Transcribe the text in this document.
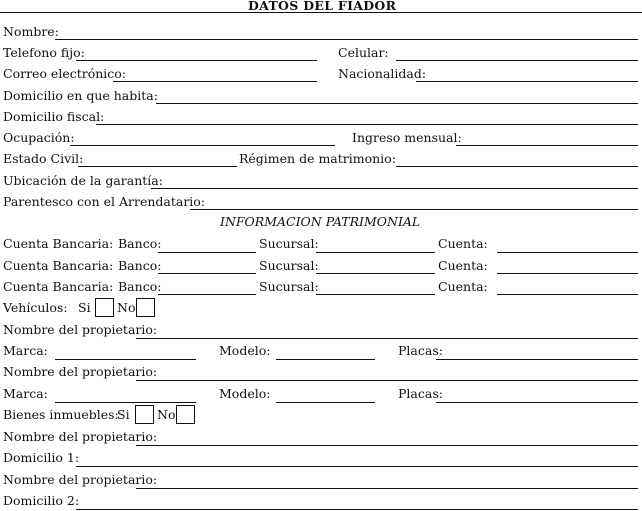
DATOS DEL FIADOR
Nombre:
Telefono fijo:	Celular:
Correo electrónico:	Nacionalidad:
Domicilio en que habita:
Domicilio fiscal:
Ocupación:	Ingreso mensual:
Estado Civil:	Régimen de matrimonio:
Ubicación de la garantía:
Parentesco con el Arrendatario:
INFORMACION PATRIMONIAL
Cuenta Bancaria: Banco:	Sucursal:	Cuenta:
Cuenta Bancaria: Banco:	Sucursal:	Cuenta:
Cuenta Bancaria: Banco:	Sucursal:	Cuenta:
Vehículos: Si No
Nombre del propietario:
Marca:	Modelo:	Placas:
Nombre del propietario:
Marca:	Modelo:	Placas:
Bienes inmuebles:
Si No
Nombre del propietario:
Domicilio 1:
Nombre del propietario:
Domicilio 2:
